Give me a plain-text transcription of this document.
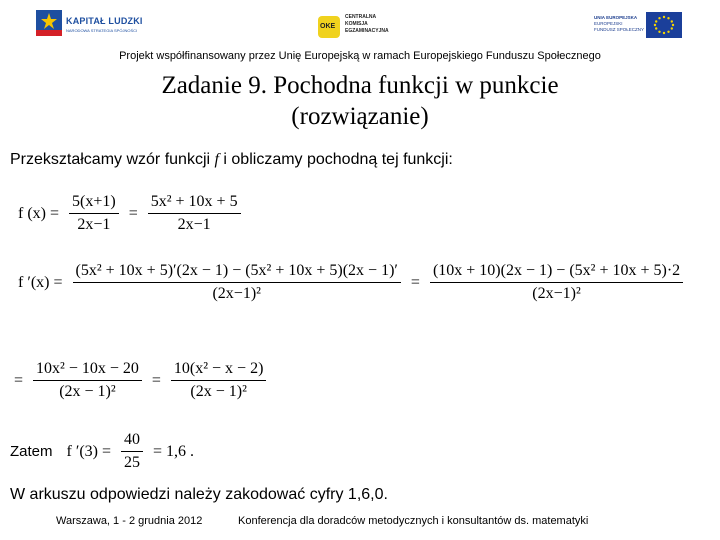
KAPITAŁ LUDZKI
NARODOWA STRATEGIA SPÓJNOŚCI
OKE
CENTRALNA
KOMISJA
EGZAMINACYJNA
UNIA EUROPEJSKA
EUROPEJSKI
FUNDUSZ SPOŁECZNY
Projekt współfinansowany przez Unię Europejską w ramach Europejskiego Funduszu Społecznego
Zadanie 9. Pochodna funkcji w punkcie
(rozwiązanie)
Przekształcamy wzór funkcji f i obliczamy pochodną tej funkcji:
f $(x) = \frac{5(x+1)}{2x-1} = \frac{\text{5x² + 10x + 5}}{2x-1}$
f $'(x) = \frac{\text{(5x² + 10x + 5)′(2x − 1) − (5x² + 10x + 5)(2x − 1)′}}{\text{(2x−1)²}} = \frac{\text{(10x + 10)(2x − 1) − (5x² + 10x + 5)·2}}{\text{(2x−1)²}}$
= $\frac{\text{10x² − 10x − 20}}{\text{(2x − 1)²}} = \frac{\text{10(x² − x − 2)}}{\text{(2x − 1)²}}$
Zatem f $'(3) = \frac{40}{25} = 1,6$ .
W arkuszu odpowiedzi należy zakodować cyfry 1,6,0.
Warszawa, 1 - 2 grudnia 2012	Konferencja dla doradców metodycznych i konsultantów ds. matematyki
